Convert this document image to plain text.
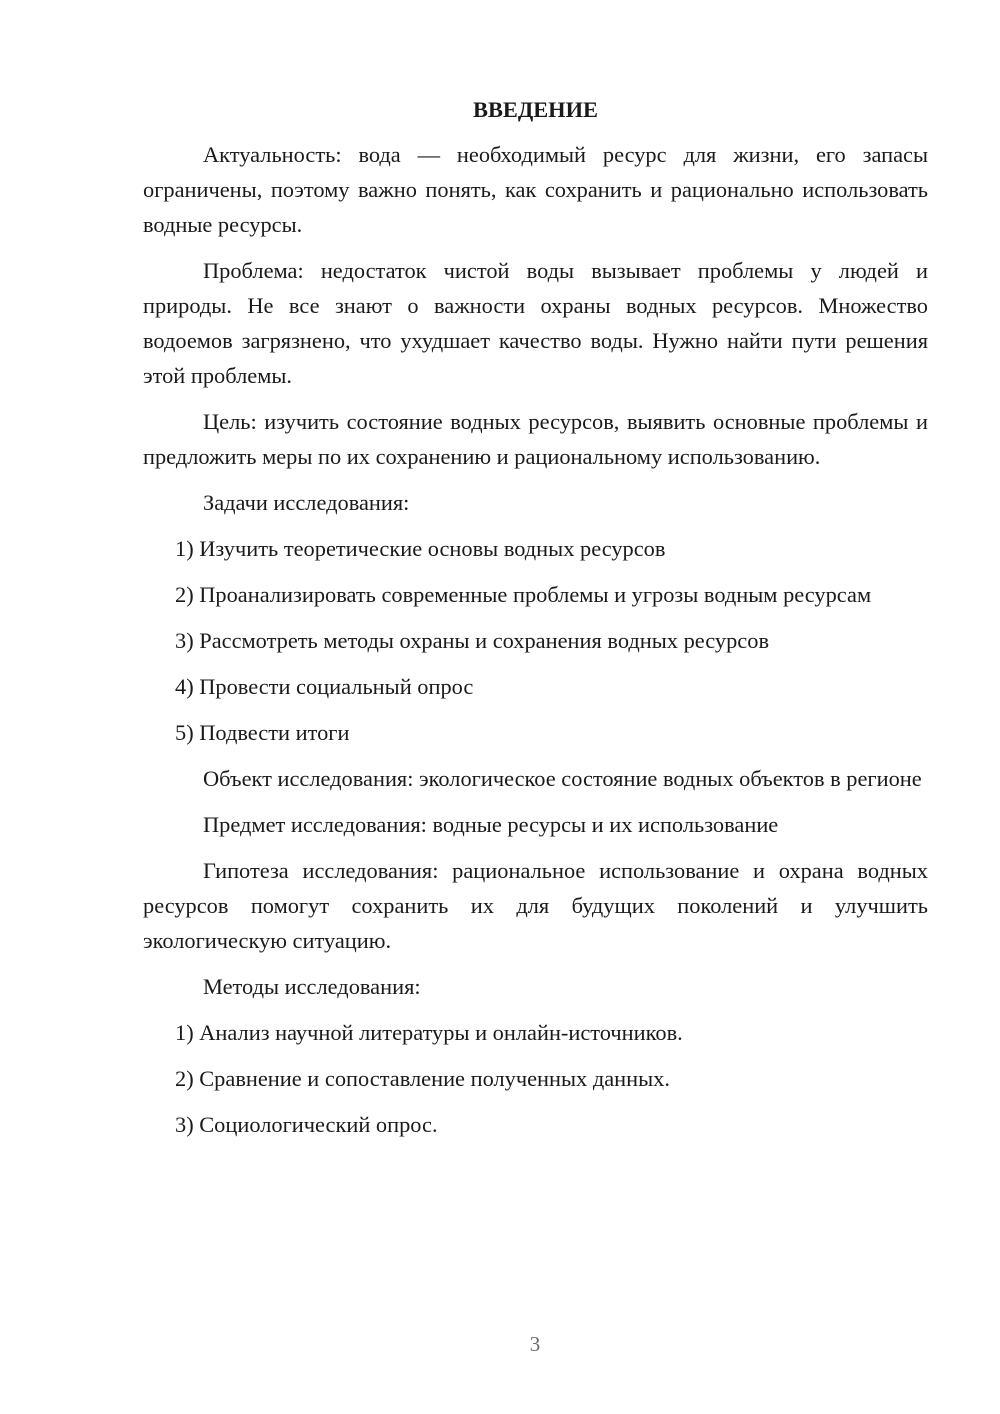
ВВЕДЕНИЕ

Актуальность: вода — необходимый ресурс для жизни, его запасы ограничены, поэтому важно понять, как сохранить и рационально использовать водные ресурсы.

Проблема: недостаток чистой воды вызывает проблемы у людей и природы. Не все знают о важности охраны водных ресурсов. Множество водоемов загрязнено, что ухудшает качество воды. Нужно найти пути решения этой проблемы.

Цель: изучить состояние водных ресурсов, выявить основные проблемы и предложить меры по их сохранению и рациональному использованию.

Задачи исследования:

1) Изучить теоретические основы водных ресурсов

2) Проанализировать современные проблемы и угрозы водным ресурсам

3) Рассмотреть методы охраны и сохранения водных ресурсов

4) Провести социальный опрос

5) Подвести итоги

Объект исследования: экологическое состояние водных объектов в регионе

Предмет исследования: водные ресурсы и их использование

Гипотеза исследования: рациональное использование и охрана водных ресурсов помогут сохранить их для будущих поколений и улучшить экологическую ситуацию.

Методы исследования:

1) Анализ научной литературы и онлайн-источников.

2) Сравнение и сопоставление полученных данных.

3) Социологический опрос.

3
